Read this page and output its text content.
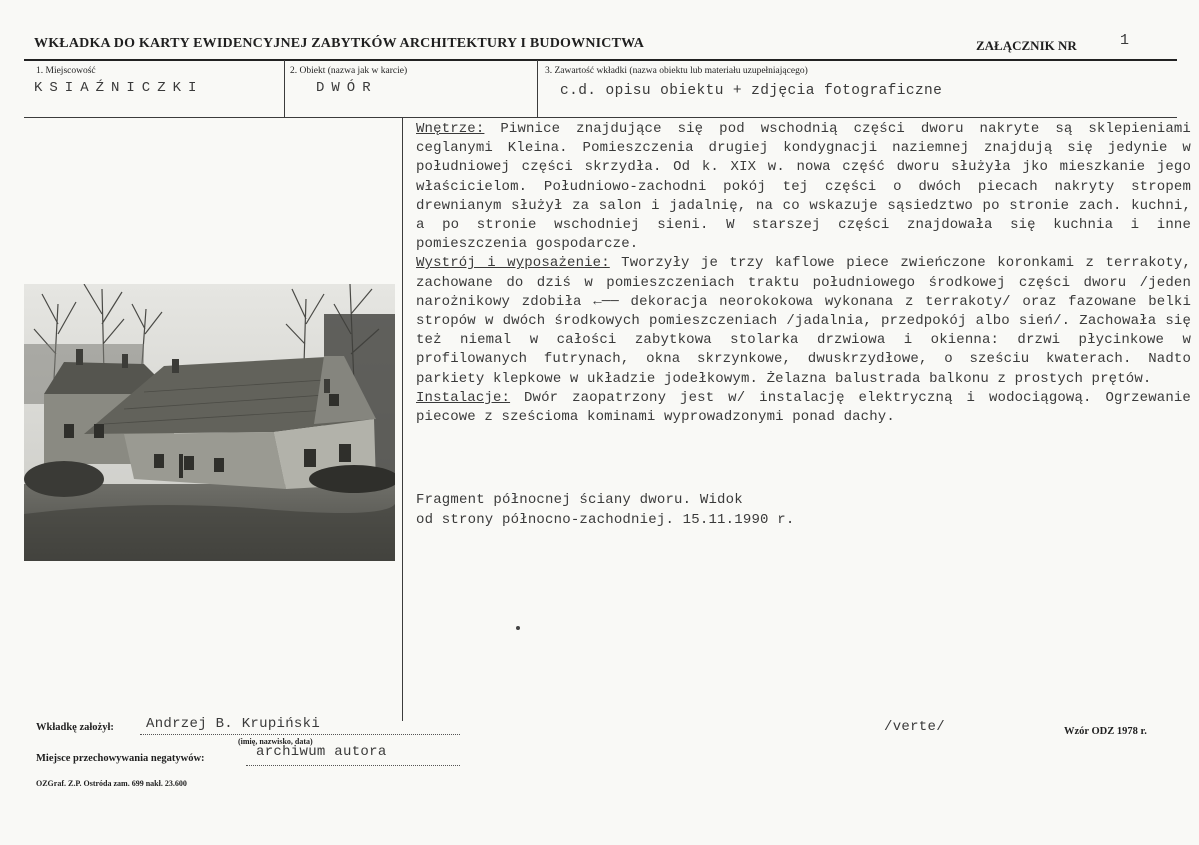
WKŁADKA DO KARTY EWIDENCYJNEJ ZABYTKÓW ARCHITEKTURY I BUDOWNICTWA	ZAŁĄCZNIK NR	1
1. Miejscowość
KSIAŹNICZKI
2. Obiekt (nazwa jak w karcie)
DWÓR
3. Zawartość wkładki (nazwa obiektu lub materiału uzupełniającego)
c.d. opisu obiektu + zdjęcia fotograficzne

Wnętrze: Piwnice znajdujące się pod wschodnią części dworu nakryte są sklepieniami ceglanymi Kleina. Pomieszczenia drugiej kondygnacji naziemnej znajdują się jedynie w południowej części skrzydła. Od k. XIX w. nowa część dworu służyła jko mieszkanie jego właścicielom. Południowo-zachodni pokój tej części o dwóch piecach nakryty stropem drewnianym służył za salon i jadalnię, na co wskazuje sąsiedztwo po stronie zach. kuchni, a po stronie wschodniej sieni. W starszej części znajdowała się kuchnia i inne pomieszczenia gospodarcze.

Wystrój i wyposażenie: Tworzyły je trzy kaflowe piece zwieńczone koronkami z terrakoty, zachowane do dziś w pomieszczeniach traktu południowego środkowej części dworu /jeden narożnikowy zdobiła ←── dekoracja neorokokowa wykonana z terrakoty/ oraz fazowane belki stropów w dwóch środkowych pomieszczeniach /jadalnia, przedpokój albo sień/. Zachowała się też niemal w całości zabytkowa stolarka drzwiowa i okienna: drzwi płycinkowe w profilowanych futrynach, okna skrzynkowe, dwuskrzydłowe, o sześciu kwaterach. Nadto parkiety klepkowe w układzie jodełkowym. Żelazna balustrada balkonu z prostych prętów.

Instalacje: Dwór zaopatrzony jest w/ instalację elektryczną i wodociągową. Ogrzewanie piecowe z sześcioma kominami wyprowadzonymi ponad dachy.

Fragment północnej ściany dworu. Widok
od strony północno-zachodniej. 15.11.1990 r.
Wkładkę założył: Andrzej B. Krupiński
(imię, nazwisko, data)
/verte/	Wzór ODZ 1978 r.
Miejsce przechowywania negatywów:	archiwum autora
OZGraf. Z.P. Ostróda zam. 699 nakł. 23.600
